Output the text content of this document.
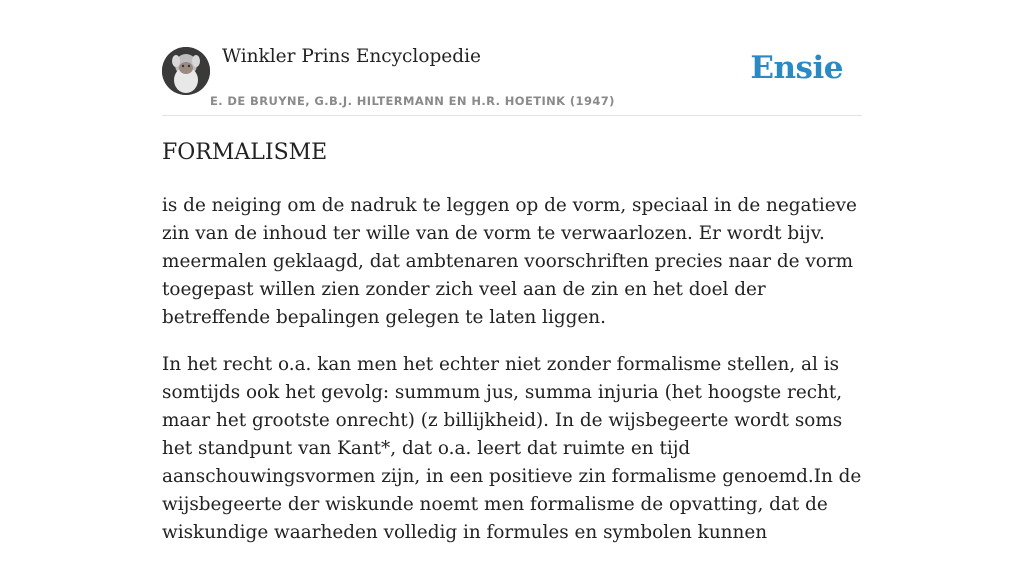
Winkler Prins Encyclopedie
E. DE BRUYNE, G.B.J. HILTERMANN EN H.R. HOETINK (1947)
Ensie
FORMALISME

is de neiging om de nadruk te leggen op de vorm, speciaal in de negatieve zin van de inhoud ter wille van de vorm te verwaarlozen. Er wordt bijv. meermalen geklaagd, dat ambtenaren voorschriften precies naar de vorm toegepast willen zien zonder zich veel aan de zin en het doel der betreffende bepalingen gelegen te laten liggen.

In het recht o.a. kan men het echter niet zonder formalisme stellen, al is somtijds ook het gevolg: summum jus, summa injuria (het hoogste recht, maar het grootste onrecht) (z billijkheid). In de wijsbegeerte wordt soms het standpunt van Kant*, dat o.a. leert dat ruimte en tijd aanschouwingsvormen zijn, in een positieve zin formalisme genoemd.In de wijsbegeerte der wiskunde noemt men formalisme de opvatting, dat de wiskundige waarheden volledig in formules en symbolen kunnen
